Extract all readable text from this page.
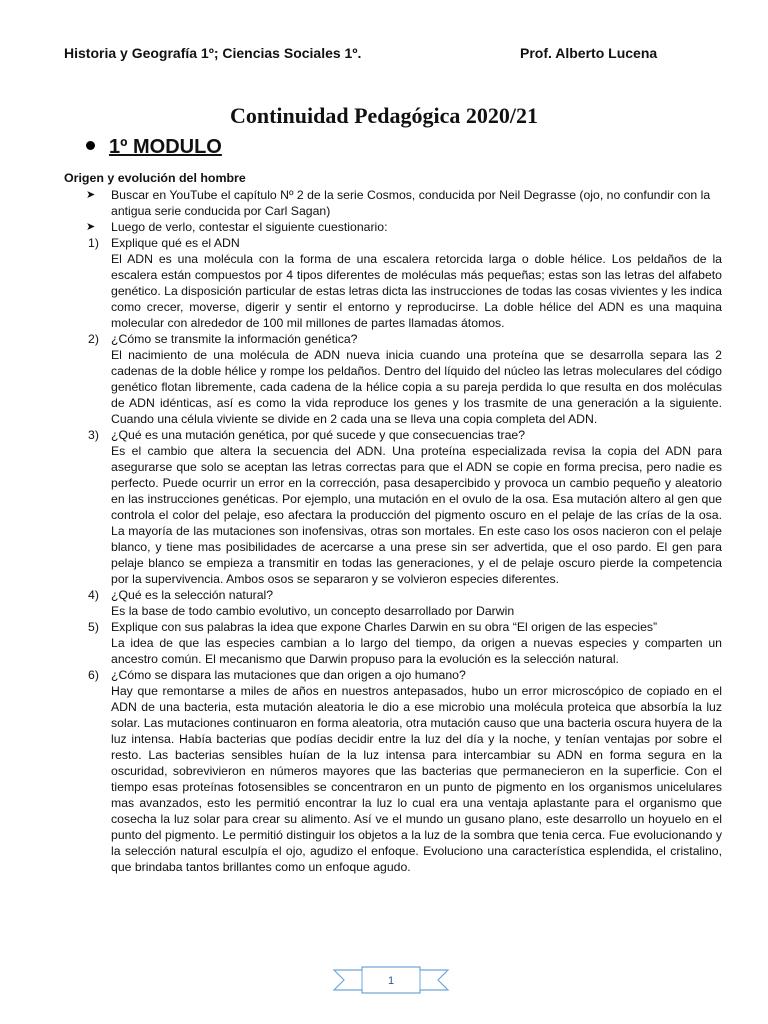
Historia y Geografía 1º; Ciencias Sociales 1º.	Prof. Alberto Lucena
Continuidad Pedagógica 2020/21
1º MODULO
Origen y evolución del hombre
➤ Buscar en YouTube el capítulo Nº 2 de la serie Cosmos, conducida por Neil Degrasse (ojo, no confundir con la antigua serie conducida por Carl Sagan)
➤ Luego de verlo, contestar el siguiente cuestionario:
1) Explique qué es el ADN
El ADN es una molécula con la forma de una escalera retorcida larga o doble hélice. Los peldaños de la escalera están compuestos por 4 tipos diferentes de moléculas más pequeñas; estas son las letras del alfabeto genético. La disposición particular de estas letras dicta las instrucciones de todas las cosas vivientes y les indica como crecer, moverse, digerir y sentir el entorno y reproducirse. La doble hélice del ADN es una maquina molecular con alrededor de 100 mil millones de partes llamadas átomos.
2) ¿Cómo se transmite la información genética?
El nacimiento de una molécula de ADN nueva inicia cuando una proteína que se desarrolla separa las 2 cadenas de la doble hélice y rompe los peldaños. Dentro del líquido del núcleo las letras moleculares del código genético flotan libremente, cada cadena de la hélice copia a su pareja perdida lo que resulta en dos moléculas de ADN idénticas, así es como la vida reproduce los genes y los trasmite de una generación a la siguiente. Cuando una célula viviente se divide en 2 cada una se lleva una copia completa del ADN.
3) ¿Qué es una mutación genética, por qué sucede y que consecuencias trae?
Es el cambio que altera la secuencia del ADN. Una proteína especializada revisa la copia del ADN para asegurarse que solo se aceptan las letras correctas para que el ADN se copie en forma precisa, pero nadie es perfecto. Puede ocurrir un error en la corrección, pasa desapercibido y provoca un cambio pequeño y aleatorio en las instrucciones genéticas. Por ejemplo, una mutación en el ovulo de la osa. Esa mutación altero al gen que controla el color del pelaje, eso afectara la producción del pigmento oscuro en el pelaje de las crías de la osa. La mayoría de las mutaciones son inofensivas, otras son mortales. En este caso los osos nacieron con el pelaje blanco, y tiene mas posibilidades de acercarse a una prese sin ser advertida, que el oso pardo. El gen para pelaje blanco se empieza a transmitir en todas las generaciones, y el de pelaje oscuro pierde la competencia por la supervivencia. Ambos osos se separaron y se volvieron especies diferentes.
4) ¿Qué es la selección natural?
Es la base de todo cambio evolutivo, un concepto desarrollado por Darwin
5) Explique con sus palabras la idea que expone Charles Darwin en su obra “El origen de las especies”
La idea de que las especies cambian a lo largo del tiempo, da origen a nuevas especies y comparten un ancestro común. El mecanismo que Darwin propuso para la evolución es la selección natural.
6) ¿Cómo se dispara las mutaciones que dan origen a ojo humano?
Hay que remontarse a miles de años en nuestros antepasados, hubo un error microscópico de copiado en el ADN de una bacteria, esta mutación aleatoria le dio a ese microbio una molécula proteica que absorbía la luz solar. Las mutaciones continuaron en forma aleatoria, otra mutación causo que una bacteria oscura huyera de la luz intensa. Había bacterias que podías decidir entre la luz del día y la noche, y tenían ventajas por sobre el resto. Las bacterias sensibles huían de la luz intensa para intercambiar su ADN en forma segura en la oscuridad, sobrevivieron en números mayores que las bacterias que permanecieron en la superficie. Con el tiempo esas proteínas fotosensibles se concentraron en un punto de pigmento en los organismos unicelulares mas avanzados, esto les permitió encontrar la luz lo cual era una ventaja aplastante para el organismo que cosecha la luz solar para crear su alimento. Así ve el mundo un gusano plano, este desarrollo un hoyuelo en el punto del pigmento. Le permitió distinguir los objetos a la luz de la sombra que tenia cerca. Fue evolucionando y la selección natural esculpía el ojo, agudizo el enfoque. Evoluciono una característica esplendida, el cristalino, que brindaba tantos brillantes como un enfoque agudo.
1
